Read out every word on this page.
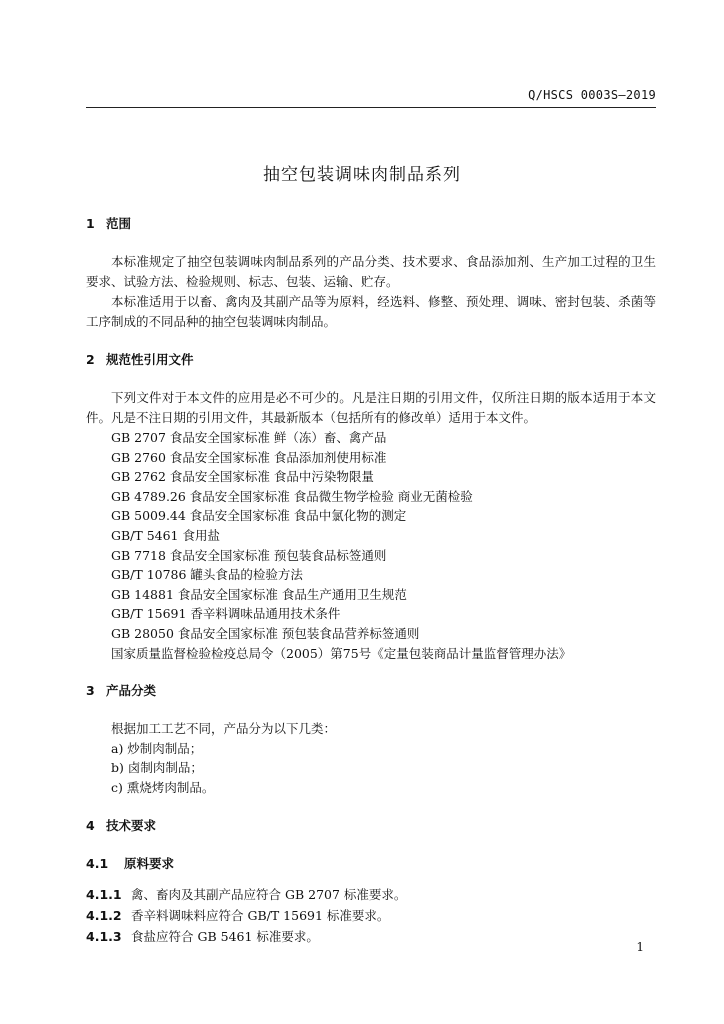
Q/HSCS 0003S—2019
抽空包装调味肉制品系列

1 范围

本标准规定了抽空包装调味肉制品系列的产品分类、技术要求、食品添加剂、生产加工过程的卫生要求、试验方法、检验规则、标志、包装、运输、贮存。

本标准适用于以畜、禽肉及其副产品等为原料，经选料、修整、预处理、调味、密封包装、杀菌等工序制成的不同品种的抽空包装调味肉制品。

2 规范性引用文件

下列文件对于本文件的应用是必不可少的。凡是注日期的引用文件，仅所注日期的版本适用于本文件。凡是不注日期的引用文件，其最新版本（包括所有的修改单）适用于本文件。

GB 2707 食品安全国家标准 鲜（冻）畜、禽产品

GB 2760 食品安全国家标准 食品添加剂使用标准

GB 2762 食品安全国家标准 食品中污染物限量

GB 4789.26 食品安全国家标准 食品微生物学检验 商业无菌检验

GB 5009.44 食品安全国家标准 食品中氯化物的测定

GB/T 5461 食用盐

GB 7718 食品安全国家标准 预包装食品标签通则

GB/T 10786 罐头食品的检验方法

GB 14881 食品安全国家标准 食品生产通用卫生规范

GB/T 15691 香辛料调味品通用技术条件

GB 28050 食品安全国家标准 预包装食品营养标签通则

国家质量监督检验检疫总局令（2005）第75号《定量包装商品计量监督管理办法》

3 产品分类

根据加工工艺不同，产品分为以下几类：

a) 炒制肉制品；

b) 卤制肉制品；

c) 熏烧烤肉制品。

4 技术要求

4.1 原料要求

4.1.1 禽、畜肉及其副产品应符合 GB 2707 标准要求。

4.1.2 香辛料调味料应符合 GB/T 15691 标准要求。

4.1.3 食盐应符合 GB 5461 标准要求。

1
